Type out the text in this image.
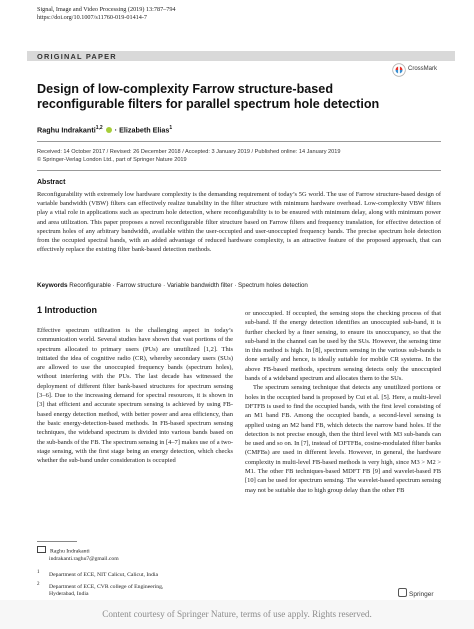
Signal, Image and Video Processing (2019) 13:787–794
https://doi.org/10.1007/s11760-019-01414-7
ORIGINAL PAPER
CrossMark
Design of low-complexity Farrow structure-based reconfigurable filters for parallel spectrum hole detection
Raghu Indrakanti$^{1,2}$  · Elizabeth Elias$^1$
Received: 14 October 2017 / Revised: 26 December 2018 / Accepted: 3 January 2019 / Published online: 14 January 2019
© Springer-Verlag London Ltd., part of Springer Nature 2019
Abstract
Reconfigurability with extremely low hardware complexity is the demanding requirement of today’s 5G world. The use of Farrow structure-based design of variable bandwidth (VBW) filters can effectively realize tunability in the filter structure with minimum hardware overhead. Low-complexity VBW filters play a vital role in applications such as spectrum hole detection, where reconfigurability is to be ensured with minimum delay, along with minimum power and area utilization. This paper proposes a novel reconfigurable filter structure based on Farrow filters and frequency translation, for effective detection of spectrum holes of any arbitrary bandwidth, available within the user-occupied and user-unoccupied frequency bands. The precise spectrum hole detection from the occupied spectral bands, with an added advantage of reduced hardware complexity, is an attractive feature of the proposed approach, that can effectively replace the existing filter bank-based detection methods.
Keywords Reconfigurable · Farrow structure · Variable bandwidth filter · Spectrum holes detection
1 Introduction

Effective spectrum utilization is the challenging aspect in today’s communication world. Several studies have shown that vast portions of the spectrum allocated to primary users (PUs) are unutilized [1,2]. This initiated the idea of cognitive radio (CR), whereby secondary users (SUs) are allowed to use the unoccupied frequency bands (spectrum holes), without interfering with the PUs. The last decade has witnessed the deployment of different filter bank-based structures for spectrum sensing [3–6]. Due to the increasing demand for spectral resources, it is shown in [3] that efficient and accurate spectrum sensing is achieved by using FB-based energy detection method, with better power and area efficiency, than the basic energy-detection-based methods. In FB-based spectrum sensing techniques, the wideband spectrum is divided into various bands based on the sub-bands of the FB. The spectrum sensing in [4–7] makes use of a two-stage sensing, with the first stage being an energy detection, which checks whether the sub-band under consideration is occupied

or unoccupied. If occupied, the sensing stops the checking process of that sub-band. If the energy detection identifies an unoccupied sub-band, it is further checked by a finer sensing, to ensure its unoccupancy, so that the sub-band in the channel can be used by the SUs. However, the sensing time in this method is high. In [8], spectrum sensing in the various sub-bands is done serially and hence, is ideally suitable for mobile CR systems. In the above FB-based methods, spectrum sensing detects only the unoccupied bands of a wideband spectrum and allocates them to the SUs.

The spectrum sensing technique that detects any unutilized portions or holes in the occupied band is proposed by Cui et al. [5]. Here, a multi-level DFTFB is used to find the occupied bands, with the first level consisting of an M1 band FB. Among the occupied bands, a second-level sensing is applied using an M2 band FB, which detects the narrow band holes. If the detection is not precise enough, then the third level with M3 sub-bands can be used and so on. In [7], instead of DFTFBs, cosine-modulated filter banks (CMFBs) are used in different levels. However, in general, the hardware complexity in multi-level FB-based methods is very high, since M3 > M2 > M1. The other FB techniques-based MDFT FB [9] and wavelet-based FB [10] can be used for spectrum sensing. The wavelet-based spectrum sensing may not be suitable due to high group delay than the other FB

Raghu Indrakanti
indrakanti.raghu7@gmail.com
1 Department of ECE, NIT Calicut, Calicut, India
2 Department of ECE, CVR college of Engineering,
Hyderabad, India	Springer
Content courtesy of Springer Nature, terms of use apply. Rights reserved.
